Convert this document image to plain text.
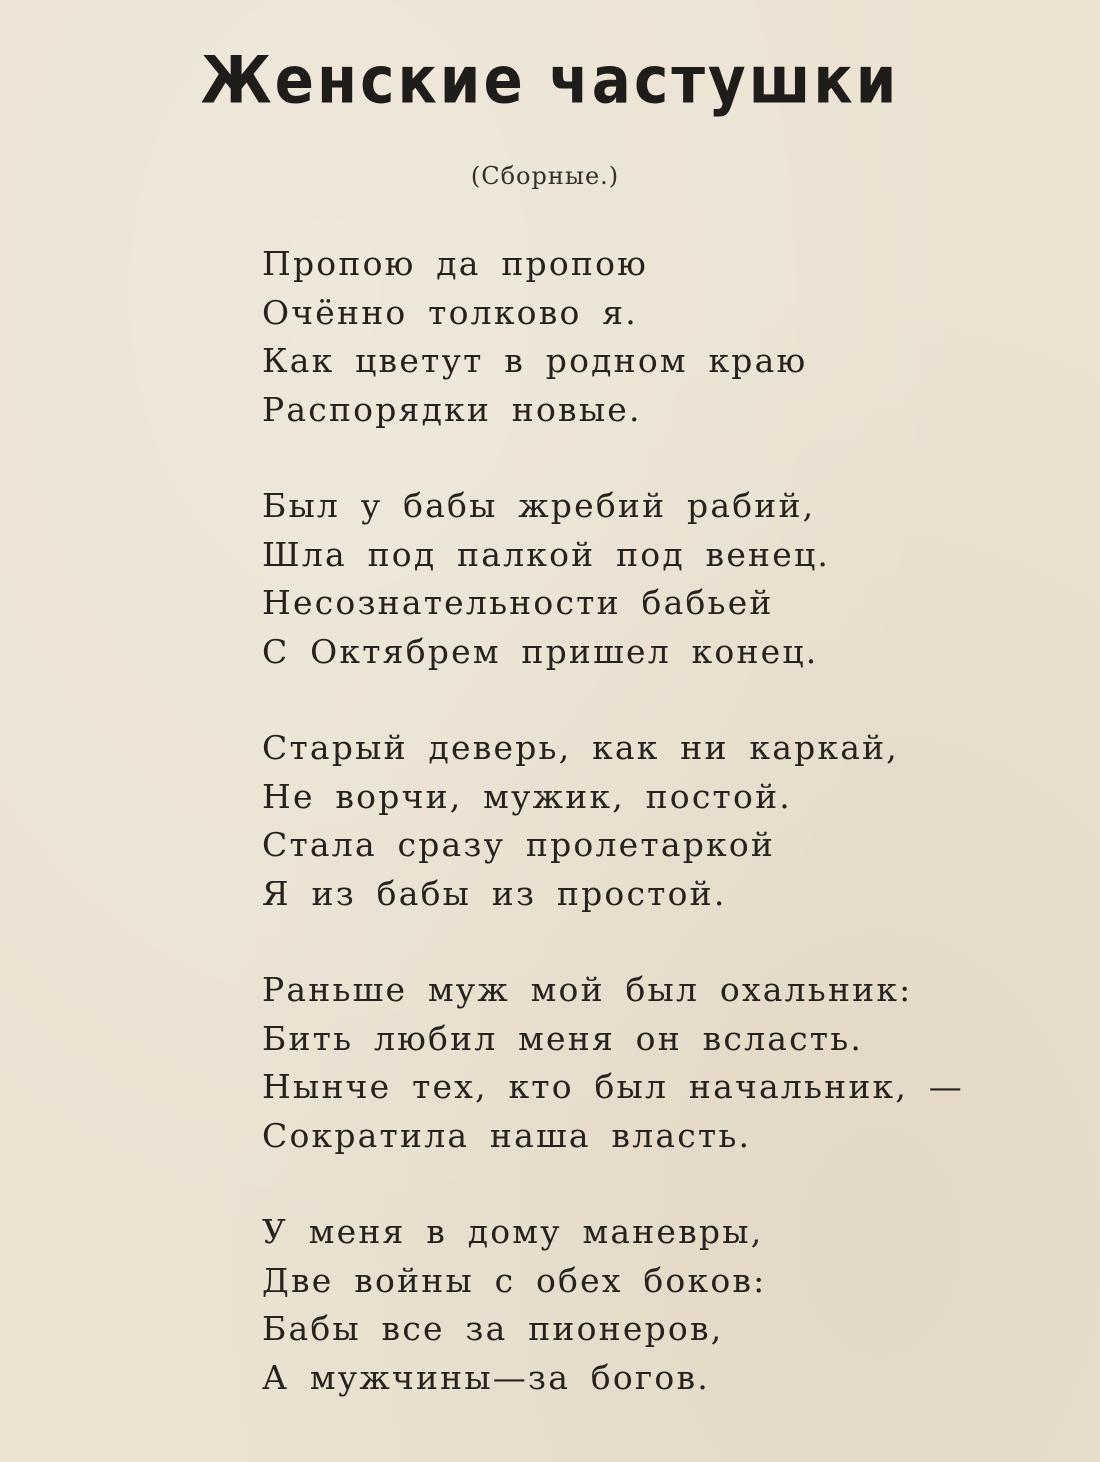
Женские частушки
(Сборные.)
Пропою да пропою
Очённо толково я.
Как цветут в родном краю
Распорядки новые.
Был у бабы жребий рабий,
Шла под палкой под венец.
Несознательности бабьей
С Октябрем пришел конец.
Старый деверь, как ни каркай,
Не ворчи, мужик, постой.
Стала сразу пролетаркой
Я из бабы из простой.
Раньше муж мой был охальник:
Бить любил меня он всласть.
Нынче тех, кто был начальник, —
Сократила наша власть.
У меня в дому маневры,
Две войны с обех боков:
Бабы все за пионеров,
А мужчины—за богов.
